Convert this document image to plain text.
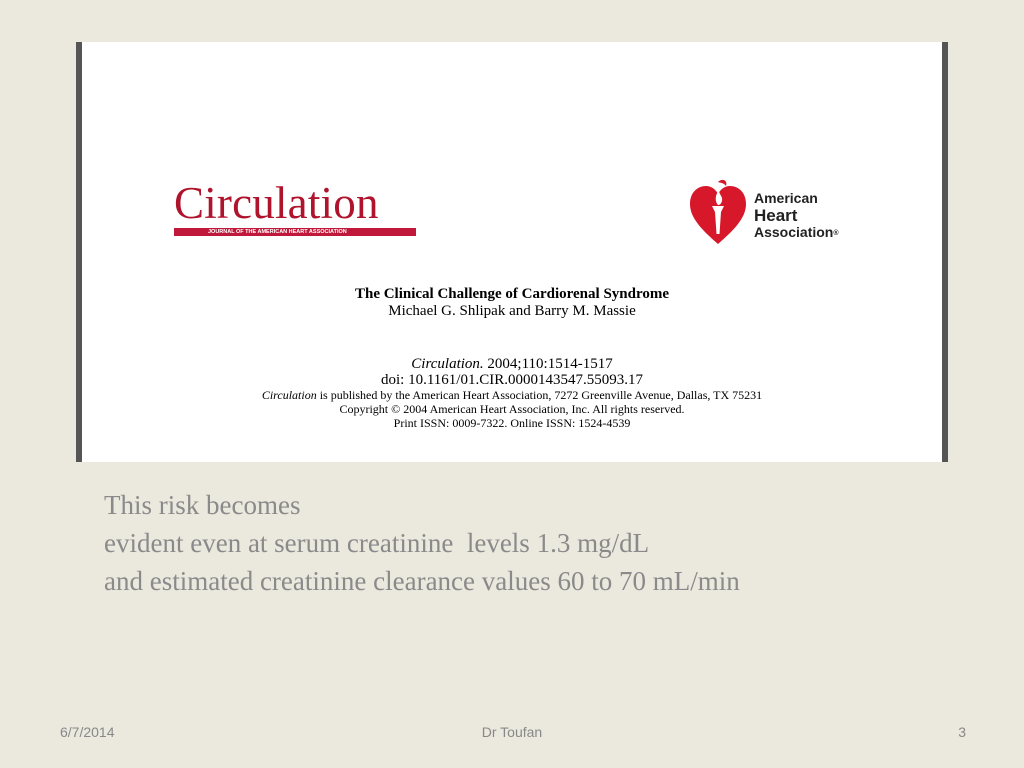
Circulation
JOURNAL OF THE AMERICAN HEART ASSOCIATION
American
Heart
Association®
The Clinical Challenge of Cardiorenal Syndrome
Michael G. Shlipak and Barry M. Massie
Circulation. 2004;110:1514-1517
doi: 10.1161/01.CIR.0000143547.55093.17
Circulation is published by the American Heart Association, 7272 Greenville Avenue, Dallas, TX 75231
Copyright © 2004 American Heart Association, Inc. All rights reserved.
Print ISSN: 0009-7322. Online ISSN: 1524-4539
This risk becomes
evident even at serum creatinine  levels 1.3 mg/dL
and estimated creatinine clearance values 60 to 70 mL/min
6/7/2014	Dr Toufan	3
